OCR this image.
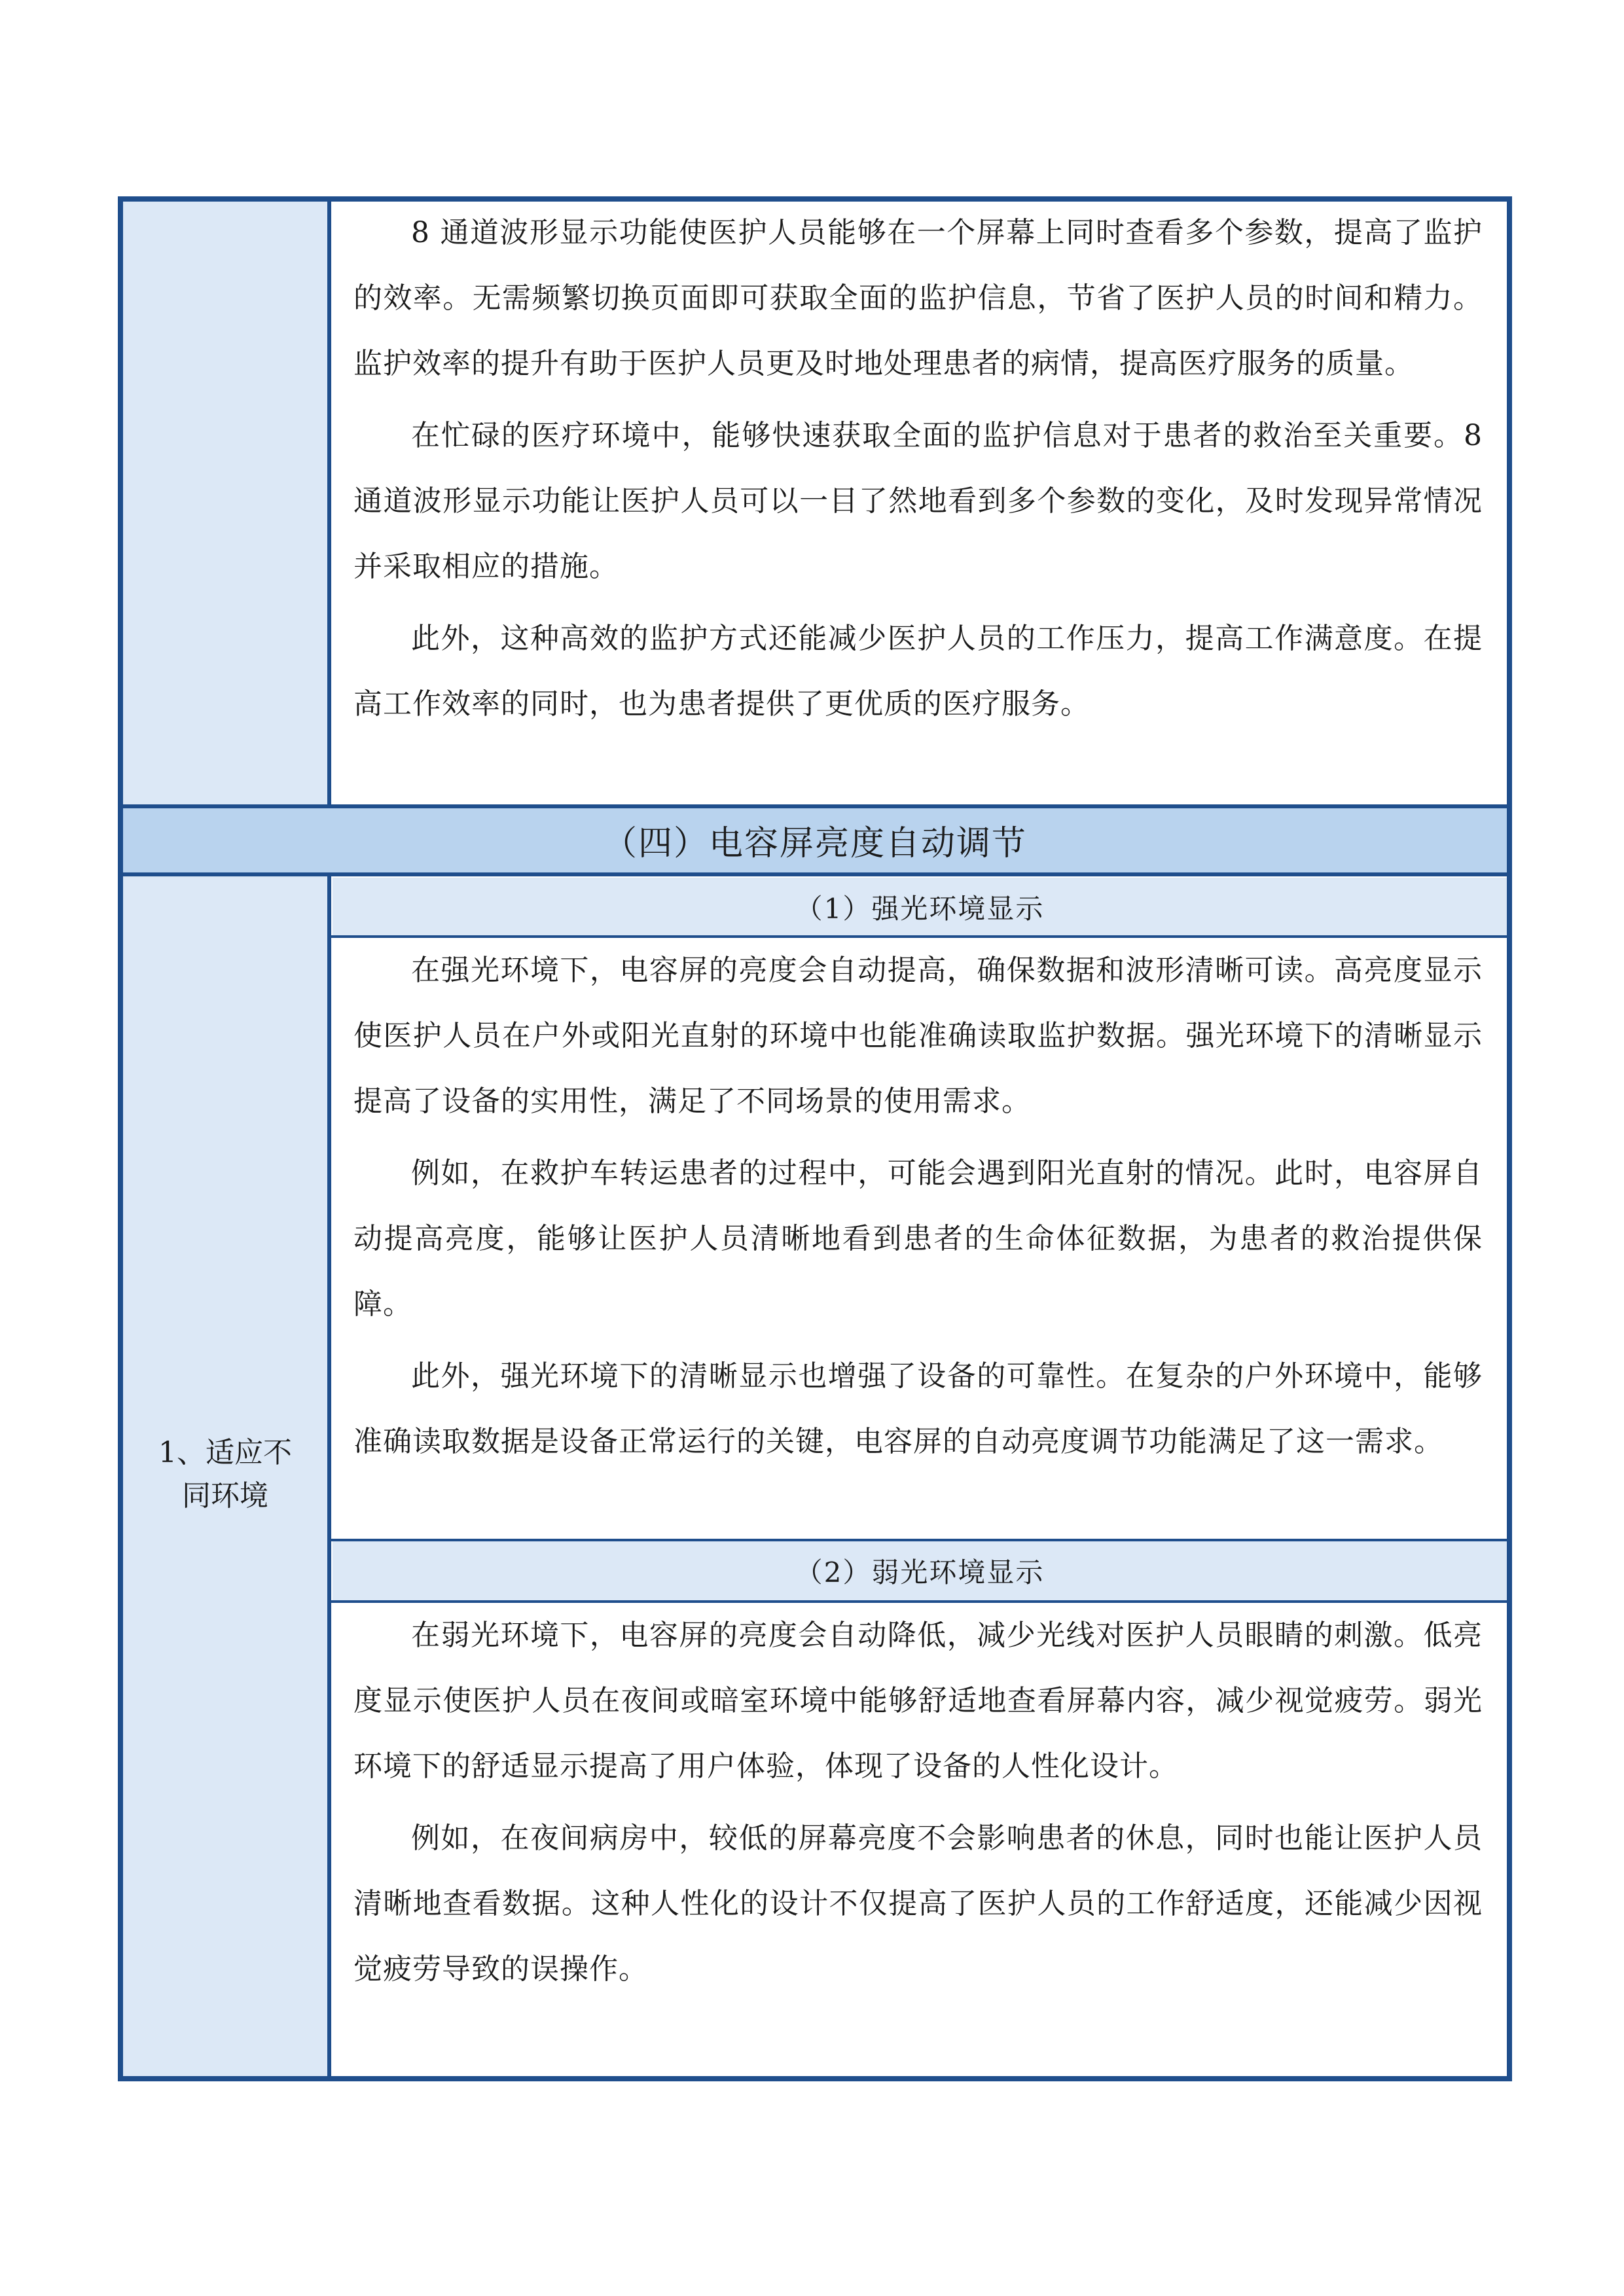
（四）电容屏亮度自动调节
（1）强光环境显示
（2）弱光环境显示

8 通道波形显示功能使医护人员能够在一个屏幕上同时查看多个参数，提高了监护的效率。无需频繁切换页面即可获取全面的监护信息，节省了医护人员的时间和精力。监护效率的提升有助于医护人员更及时地处理患者的病情，提高医疗服务的质量。

在忙碌的医疗环境中，能够快速获取全面的监护信息对于患者的救治至关重要。8 通道波形显示功能让医护人员可以一目了然地看到多个参数的变化，及时发现异常情况并采取相应的措施。

此外，这种高效的监护方式还能减少医护人员的工作压力，提高工作满意度。在提高工作效率的同时，也为患者提供了更优质的医疗服务。

1、适应不
同环境

在强光环境下，电容屏的亮度会自动提高，确保数据和波形清晰可读。高亮度显示使医护人员在户外或阳光直射的环境中也能准确读取监护数据。强光环境下的清晰显示提高了设备的实用性，满足了不同场景的使用需求。

例如，在救护车转运患者的过程中，可能会遇到阳光直射的情况。此时，电容屏自动提高亮度，能够让医护人员清晰地看到患者的生命体征数据，为患者的救治提供保障。

此外，强光环境下的清晰显示也增强了设备的可靠性。在复杂的户外环境中，能够准确读取数据是设备正常运行的关键，电容屏的自动亮度调节功能满足了这一需求。

在弱光环境下，电容屏的亮度会自动降低，减少光线对医护人员眼睛的刺激。低亮度显示使医护人员在夜间或暗室环境中能够舒适地查看屏幕内容，减少视觉疲劳。弱光环境下的舒适显示提高了用户体验，体现了设备的人性化设计。

例如，在夜间病房中，较低的屏幕亮度不会影响患者的休息，同时也能让医护人员清晰地查看数据。这种人性化的设计不仅提高了医护人员的工作舒适度，还能减少因视觉疲劳导致的误操作。
